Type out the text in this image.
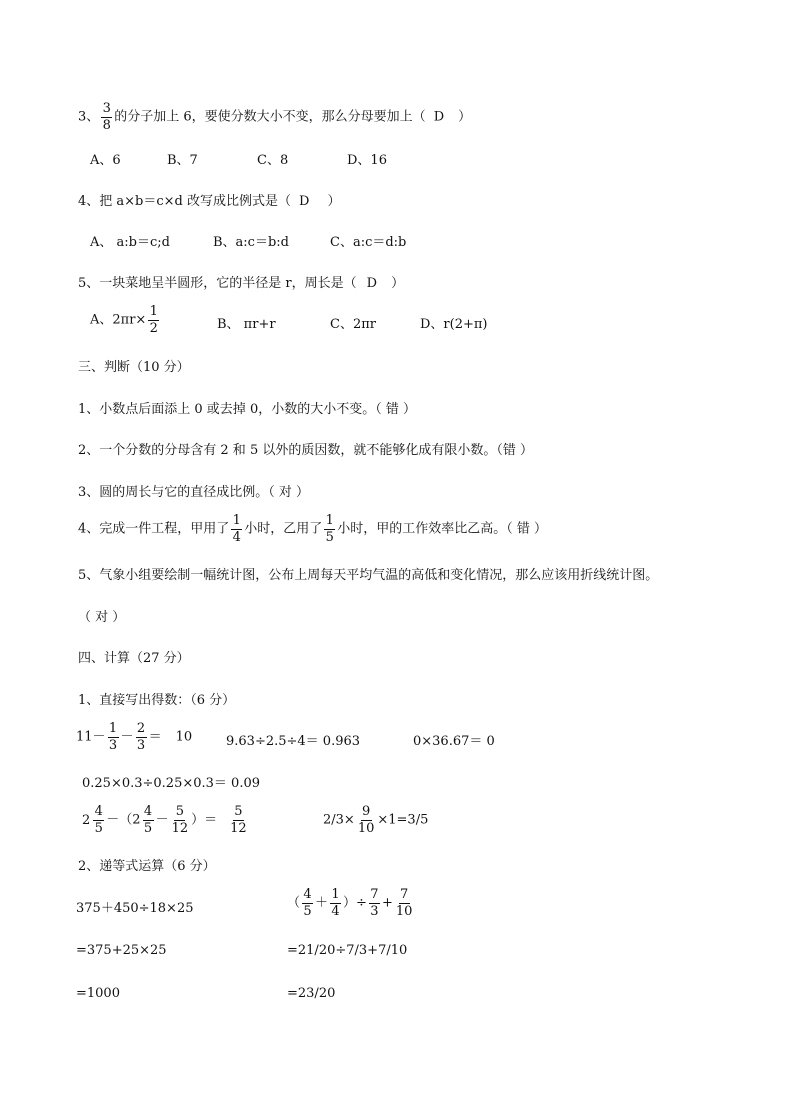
3、 $\frac{3}{8}$ 的分子加上 6，要使分数大小不变，那么分母要加上（ D ）
A、6	B、7	C、8	D、16
4、把 a×b＝c×d 改写成比例式是（ D ）
A、 a:b＝c;d	B、a:c＝b:d	C、a:c＝d:b
5、一块菜地呈半圆形，它的半径是 r，周长是（ D ）
A、$2\pi r\times \frac{1}{2}$	B、 πr+r	C、2πr	D、r(2+π)
三、判断（10 分）
1、小数点后面添上 0 或去掉 0，小数的大小不变。（ 错 ）
2、一个分数的分母含有 2 和 5 以外的质因数，就不能够化成有限小数。（错 ）
3、圆的周长与它的直径成比例。（ 对 ）
4、完成一件工程，甲用了 $\frac{1}{4}$ 小时，乙用了 $\frac{1}{5}$ 小时，甲的工作效率比乙高。（ 错 ）
5、气象小组要绘制一幅统计图，公布上周每天平均气温的高低和变化情况，那么应该用折线统计图。
（ 对 ）
四、计算（27 分）
1、直接写出得数：（6 分）
$11- \frac{1}{3} - \frac{2}{3} = 10$	9.63÷2.5÷4＝ 0.963	0×36.67＝ 0
0.25×0.3÷0.25×0.3＝ 0.09
$2 \frac{4}{5} -(2 \frac{4}{5} - \frac{5}{12}$ ）＝ $\frac{5}{12}$	$2/3\times \frac{9}{10} \times 1=3/5$
2、递等式运算（6 分）
375＋450÷18×25	（ $\frac{4}{5} + \frac{1}{4}$ ）÷ $\frac{7}{3} + \frac{7}{10}$
=375+25×25	=21/20÷7/3+7/10
=1000	=23/20
